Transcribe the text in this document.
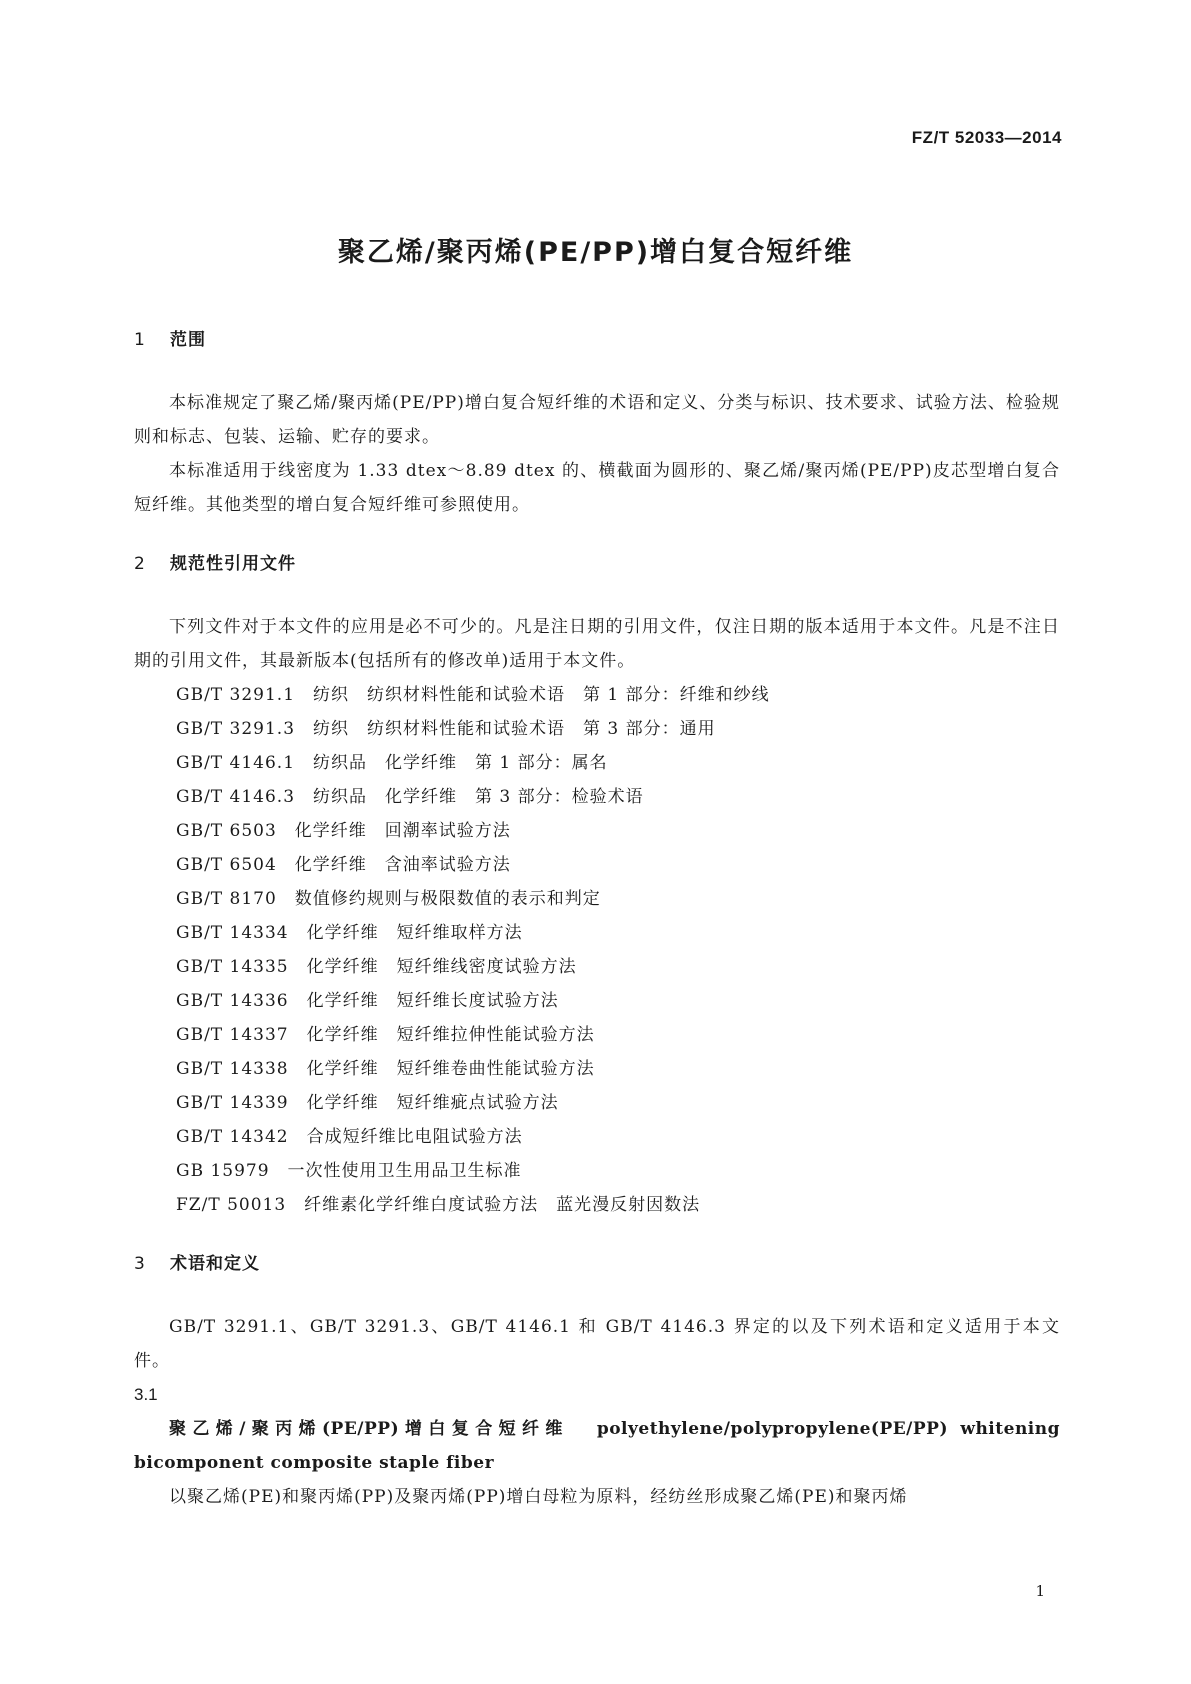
FZ/T 52033—2014
聚乙烯/聚丙烯(PE/PP)增白复合短纤维
1 范围

本标准规定了聚乙烯/聚丙烯(PE/PP)增白复合短纤维的术语和定义、分类与标识、技术要求、试验方法、检验规则和标志、包装、运输、贮存的要求。

本标准适用于线密度为 1.33 dtex～8.89 dtex 的、横截面为圆形的、聚乙烯/聚丙烯(PE/PP)皮芯型增白复合短纤维。其他类型的增白复合短纤维可参照使用。

2 规范性引用文件

下列文件对于本文件的应用是必不可少的。凡是注日期的引用文件，仅注日期的版本适用于本文件。凡是不注日期的引用文件，其最新版本(包括所有的修改单)适用于本文件。

GB/T 3291.1　纺织　纺织材料性能和试验术语　第 1 部分：纤维和纱线
GB/T 3291.3　纺织　纺织材料性能和试验术语　第 3 部分：通用
GB/T 4146.1　纺织品　化学纤维　第 1 部分：属名
GB/T 4146.3　纺织品　化学纤维　第 3 部分：检验术语
GB/T 6503　化学纤维　回潮率试验方法
GB/T 6504　化学纤维　含油率试验方法
GB/T 8170　数值修约规则与极限数值的表示和判定
GB/T 14334　化学纤维　短纤维取样方法
GB/T 14335　化学纤维　短纤维线密度试验方法
GB/T 14336　化学纤维　短纤维长度试验方法
GB/T 14337　化学纤维　短纤维拉伸性能试验方法
GB/T 14338　化学纤维　短纤维卷曲性能试验方法
GB/T 14339　化学纤维　短纤维疵点试验方法
GB/T 14342　合成短纤维比电阻试验方法
GB 15979　一次性使用卫生用品卫生标准
FZ/T 50013　纤维素化学纤维白度试验方法　蓝光漫反射因数法
3 术语和定义

GB/T 3291.1、GB/T 3291.3、GB/T 4146.1 和 GB/T 4146.3 界定的以及下列术语和定义适用于本文件。

3.1

聚乙烯/聚丙烯(PE/PP)增白复合短纤维 polyethylene/polypropylene(PE/PP) whitening bicomponent composite staple fiber

以聚乙烯(PE)和聚丙烯(PP)及聚丙烯(PP)增白母粒为原料，经纺丝形成聚乙烯(PE)和聚丙烯

1
